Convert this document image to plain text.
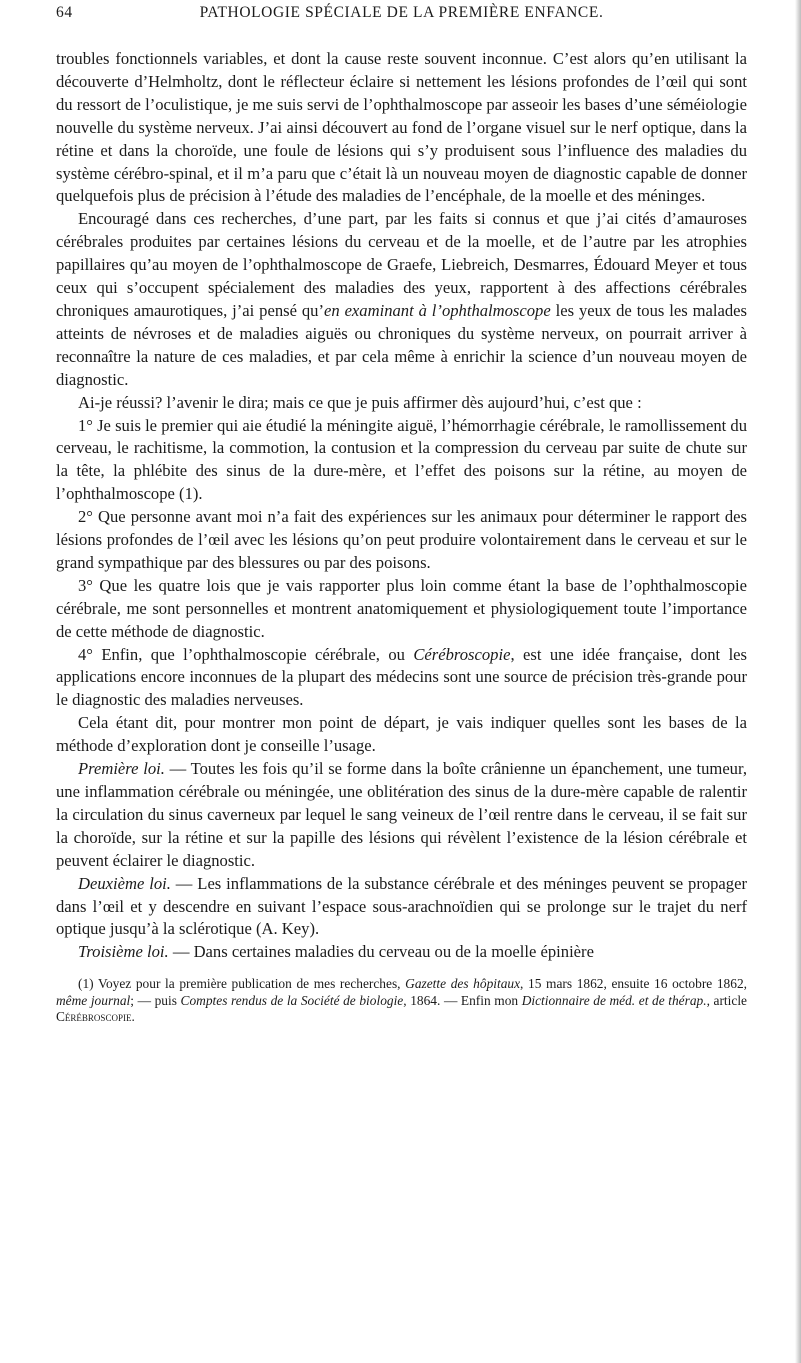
64	PATHOLOGIE SPÉCIALE DE LA PREMIÈRE ENFANCE.

troubles fonctionnels variables, et dont la cause reste souvent inconnue. C’est alors qu’en utilisant la découverte d’Helmholtz, dont le réflecteur éclaire si nettement les lésions profondes de l’œil qui sont du ressort de l’oculistique, je me suis servi de l’ophthalmoscope par asseoir les bases d’une séméiologie nouvelle du système nerveux. J’ai ainsi découvert au fond de l’organe visuel sur le nerf optique, dans la rétine et dans la choroïde, une foule de lésions qui s’y produisent sous l’influence des maladies du système cérébro-spinal, et il m’a paru que c’était là un nouveau moyen de diagnostic capable de donner quelquefois plus de précision à l’étude des maladies de l’encéphale, de la moelle et des méninges.

Encouragé dans ces recherches, d’une part, par les faits si connus et que j’ai cités d’amauroses cérébrales produites par certaines lésions du cerveau et de la moelle, et de l’autre par les atrophies papillaires qu’au moyen de l’ophthalmoscope de Graefe, Liebreich, Desmarres, Édouard Meyer et tous ceux qui s’occupent spécialement des maladies des yeux, rapportent à des affections cérébrales chroniques amaurotiques, j’ai pensé qu’en examinant à l’ophthalmoscope les yeux de tous les malades atteints de névroses et de maladies aiguës ou chroniques du système nerveux, on pourrait arriver à reconnaître la nature de ces maladies, et par cela même à enrichir la science d’un nouveau moyen de diagnostic.

Ai-je réussi? l’avenir le dira; mais ce que je puis affirmer dès aujourd’hui, c’est que :

1° Je suis le premier qui aie étudié la méningite aiguë, l’hémorrhagie cérébrale, le ramollissement du cerveau, le rachitisme, la commotion, la contusion et la compression du cerveau par suite de chute sur la tête, la phlébite des sinus de la dure-mère, et l’effet des poisons sur la rétine, au moyen de l’ophthalmoscope (1).

2° Que personne avant moi n’a fait des expériences sur les animaux pour déterminer le rapport des lésions profondes de l’œil avec les lésions qu’on peut produire volontairement dans le cerveau et sur le grand sympathique par des blessures ou par des poisons.

3° Que les quatre lois que je vais rapporter plus loin comme étant la base de l’ophthalmoscopie cérébrale, me sont personnelles et montrent anatomiquement et physiologiquement toute l’importance de cette méthode de diagnostic.

4° Enfin, que l’ophthalmoscopie cérébrale, ou Cérébroscopie, est une idée française, dont les applications encore inconnues de la plupart des médecins sont une source de précision très-grande pour le diagnostic des maladies nerveuses.

Cela étant dit, pour montrer mon point de départ, je vais indiquer quelles sont les bases de la méthode d’exploration dont je conseille l’usage.

Première loi. — Toutes les fois qu’il se forme dans la boîte crânienne un épanchement, une tumeur, une inflammation cérébrale ou méningée, une oblitération des sinus de la dure-mère capable de ralentir la circulation du sinus caverneux par lequel le sang veineux de l’œil rentre dans le cerveau, il se fait sur la choroïde, sur la rétine et sur la papille des lésions qui révèlent l’existence de la lésion cérébrale et peuvent éclairer le diagnostic.

Deuxième loi. — Les inflammations de la substance cérébrale et des méninges peuvent se propager dans l’œil et y descendre en suivant l’espace sous-arachnoïdien qui se prolonge sur le trajet du nerf optique jusqu’à la sclérotique (A. Key).

Troisième loi. — Dans certaines maladies du cerveau ou de la moelle épinière

(1) Voyez pour la première publication de mes recherches, Gazette des hôpitaux, 15 mars 1862, ensuite 16 octobre 1862, même journal; — puis Comptes rendus de la Société de biologie, 1864. — Enfin mon Dictionnaire de méd. et de thérap., article Cérébroscopie.
